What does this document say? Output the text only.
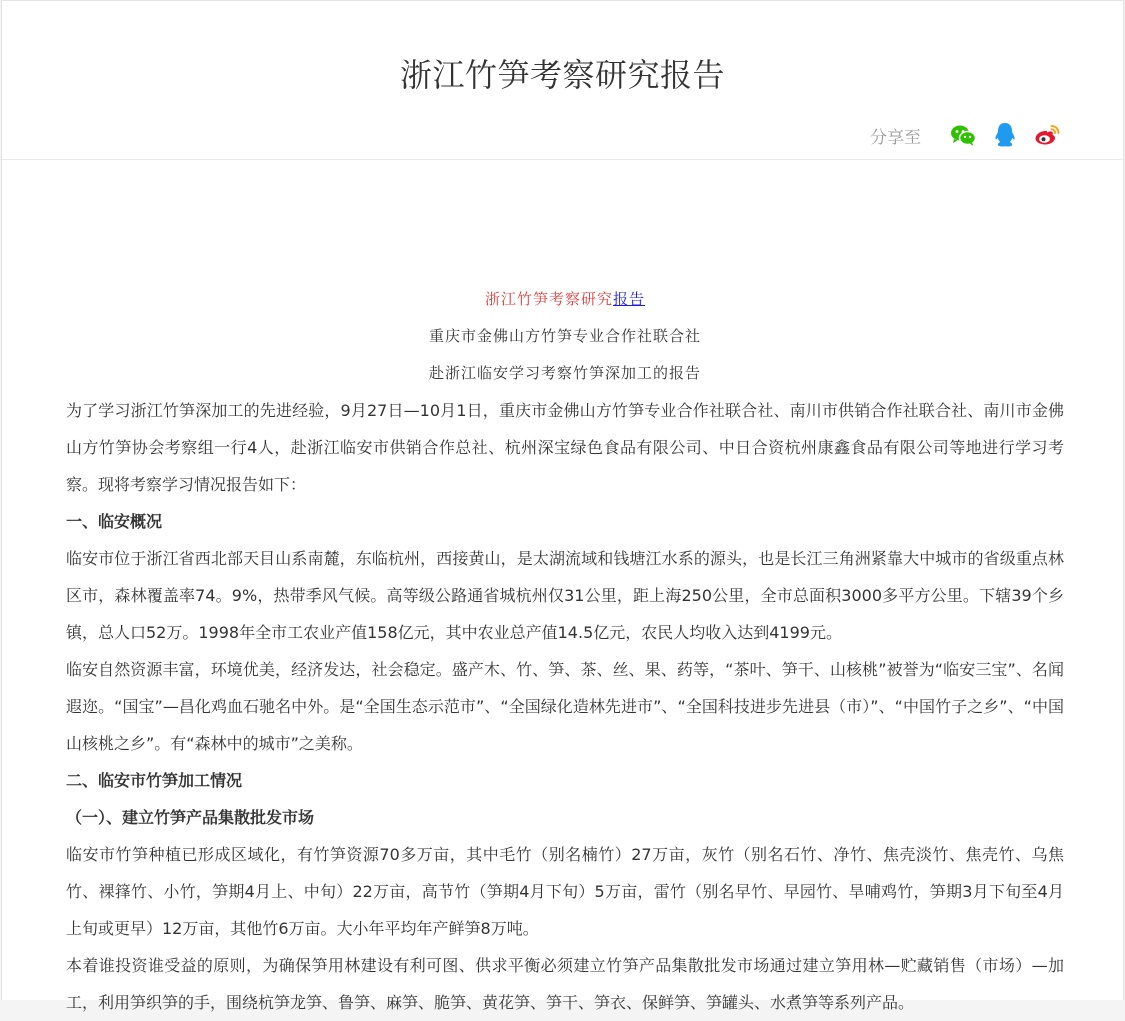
浙江竹笋考察研究报告
分享至
浙江竹笋考察研究报告
重庆市金佛山方竹笋专业合作社联合社
赴浙江临安学习考察竹笋深加工的报告

为了学习浙江竹笋深加工的先进经验，9月27日—10月1日，重庆市金佛山方竹笋专业合作社联合社、南川市供销合作社联合社、南川市金佛山方竹笋协会考察组一行4人，赴浙江临安市供销合作总社、杭州深宝绿色食品有限公司、中日合资杭州康鑫食品有限公司等地进行学习考察。现将考察学习情况报告如下：

一、临安概况

临安市位于浙江省西北部天目山系南麓，东临杭州，西接黄山，是太湖流域和钱塘江水系的源头，也是长江三角洲紧靠大中城市的省级重点林区市，森林覆盖率74。9%，热带季风气候。高等级公路通省城杭州仅31公里，距上海250公里，全市总面积3000多平方公里。下辖39个乡镇，总人口52万。1998年全市工农业产值158亿元，其中农业总产值14.5亿元，农民人均收入达到4199元。

临安自然资源丰富，环境优美，经济发达，社会稳定。盛产木、竹、笋、茶、丝、果、药等，“茶叶、笋干、山核桃”被誉为“临安三宝”、名闻遐迩。“国宝”—昌化鸡血石驰名中外。是“全国生态示范市”、“全国绿化造林先进市”、“全国科技进步先进县（市）”、“中国竹子之乡”、“中国山核桃之乡”。有“森林中的城市”之美称。

二、临安市竹笋加工情况

（一）、建立竹笋产品集散批发市场

临安市竹笋种植已形成区域化，有竹笋资源70多万亩，其中毛竹（别名楠竹）27万亩，灰竹（别名石竹、净竹、焦壳淡竹、焦壳竹、乌焦竹、裸箨竹、小竹，笋期4月上、中旬）22万亩，高节竹（笋期4月下旬）5万亩，雷竹（别名早竹、早园竹、旱哺鸡竹，笋期3月下旬至4月上旬或更早）12万亩，其他竹6万亩。大小年平均年产鲜笋8万吨。

本着谁投资谁受益的原则，为确保笋用林建设有利可图、供求平衡必须建立竹笋产品集散批发市场通过建立笋用林—贮藏销售（市场）—加工，利用笋织笋的手，围绕杭笋龙笋、鲁笋、麻笋、脆笋、黄花笋、笋干、笋衣、保鲜笋、笋罐头、水煮笋等系列产品。
